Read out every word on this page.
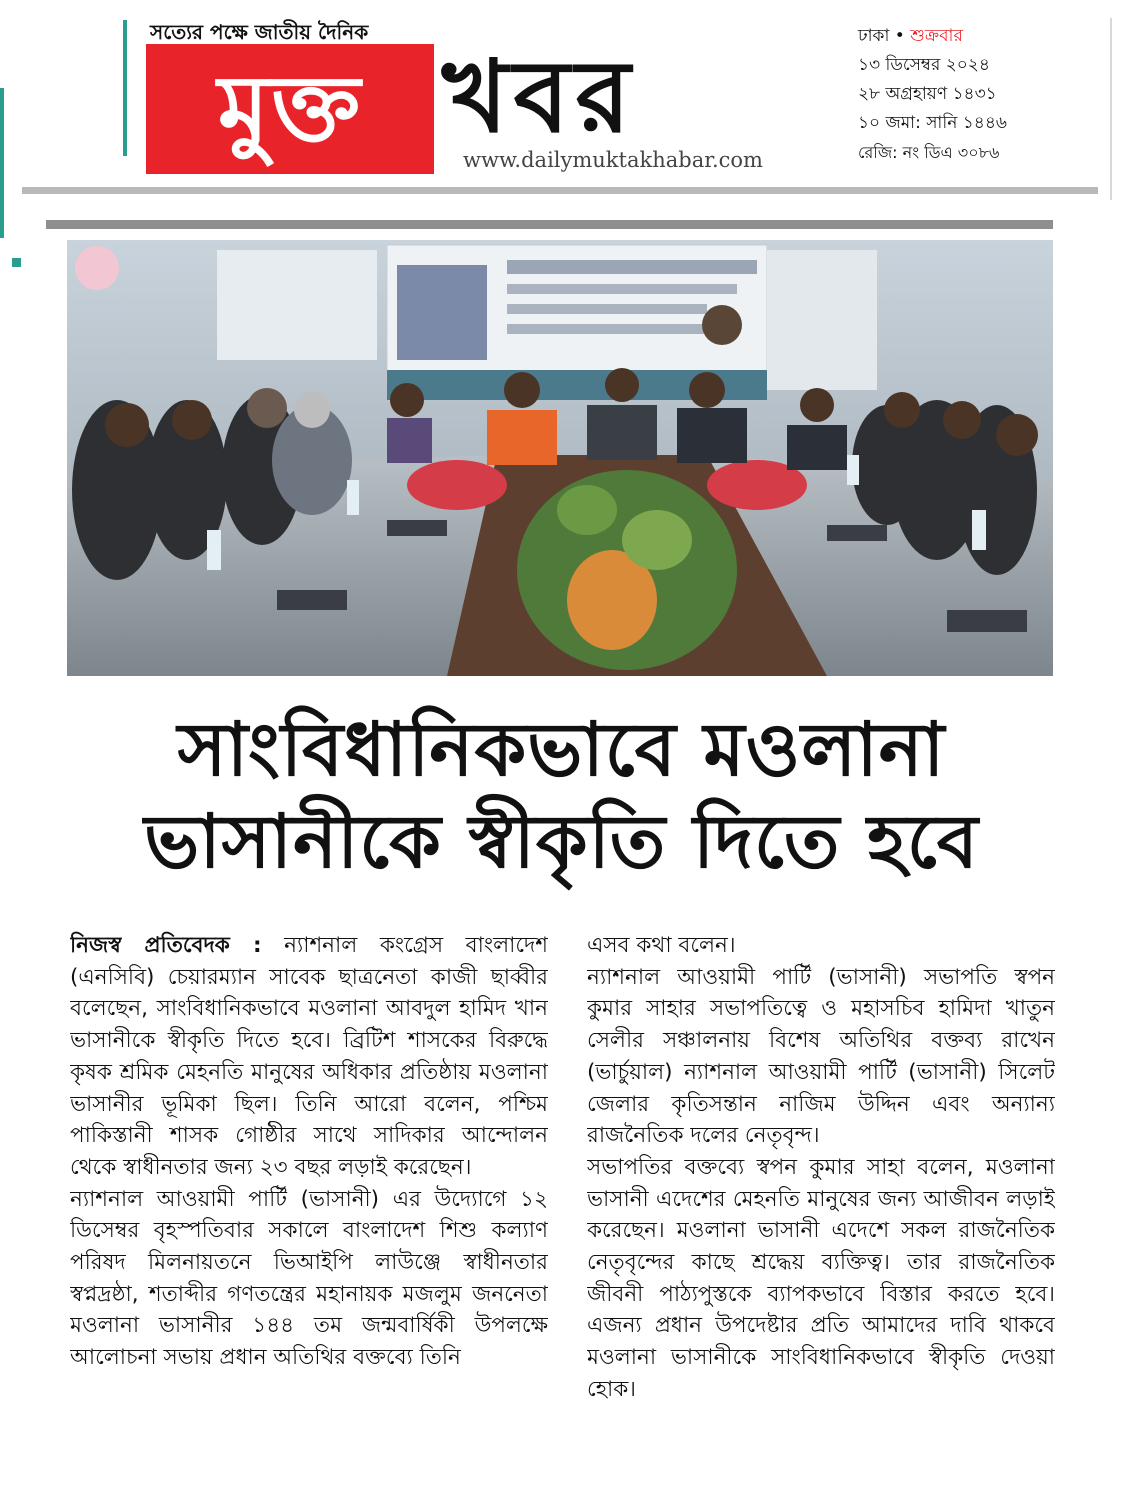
সত্যের পক্ষে জাতীয় দৈনিক
মুক্ত খবর
www.dailymuktakhabar.com
ঢাকা • শুক্রবার
১৩ ডিসেম্বর ২০২৪
২৮ অগ্রহায়ণ ১৪৩১
১০ জমা: সানি ১৪৪৬
রেজি: নং ডিএ ৩০৮৬
সাংবিধানিকভাবে মওলানা
ভাসানীকে স্বীকৃতি দিতে হবে

নিজস্ব প্রতিবেদক : ন্যাশনাল কংগ্রেস বাংলাদেশ (এনসিবি) চেয়ারম্যান সাবেক ছাত্রনেতা কাজী ছাব্বীর বলেছেন, সাংবিধানিকভাবে মওলানা আবদুল হামিদ খান ভাসানীকে স্বীকৃতি দিতে হবে। ব্রিটিশ শাসকের বিরুদ্ধে কৃষক শ্রমিক মেহনতি মানুষের অধিকার প্রতিষ্ঠায় মওলানা ভাসানীর ভূমিকা ছিল। তিনি আরো বলেন, পশ্চিম পাকিস্তানী শাসক গোষ্ঠীর সাথে সাদিকার আন্দোলন থেকে স্বাধীনতার জন্য ২৩ বছর লড়াই করেছেন।

ন্যাশনাল আওয়ামী পার্টি (ভাসানী) এর উদ্যোগে ১২ ডিসেম্বর বৃহস্পতিবার সকালে বাংলাদেশ শিশু কল্যাণ পরিষদ মিলনায়তনে ভিআইপি লাউঞ্জে স্বাধীনতার স্বপ্নদ্রষ্ঠা, শতাব্দীর গণতন্ত্রের মহানায়ক মজলুম জননেতা মওলানা ভাসানীর ১৪৪ তম জন্মবার্ষিকী উপলক্ষে আলোচনা সভায় প্রধান অতিথির বক্তব্যে তিনি

এসব কথা বলেন।

ন্যাশনাল আওয়ামী পার্টি (ভাসানী) সভাপতি স্বপন কুমার সাহার সভাপতিত্বে ও মহাসচিব হামিদা খাতুন সেলীর সঞ্চালনায় বিশেষ অতিথির বক্তব্য রাখেন (ভার্চুয়াল) ন্যাশনাল আওয়ামী পার্টি (ভাসানী) সিলেট জেলার কৃতিসন্তান নাজিম উদ্দিন এবং অন্যান্য রাজনৈতিক দলের নেতৃবৃন্দ।

সভাপতির বক্তব্যে স্বপন কুমার সাহা বলেন, মওলানা ভাসানী এদেশের মেহনতি মানুষের জন্য আজীবন লড়াই করেছেন। মওলানা ভাসানী এদেশে সকল রাজনৈতিক নেতৃবৃন্দের কাছে শ্রদ্ধেয় ব্যক্তিত্ব। তার রাজনৈতিক জীবনী পাঠ্যপুস্তকে ব্যাপকভাবে বিস্তার করতে হবে। এজন্য প্রধান উপদেষ্টার প্রতি আমাদের দাবি থাকবে মওলানা ভাসানীকে সাংবিধানিকভাবে স্বীকৃতি দেওয়া হোক।
